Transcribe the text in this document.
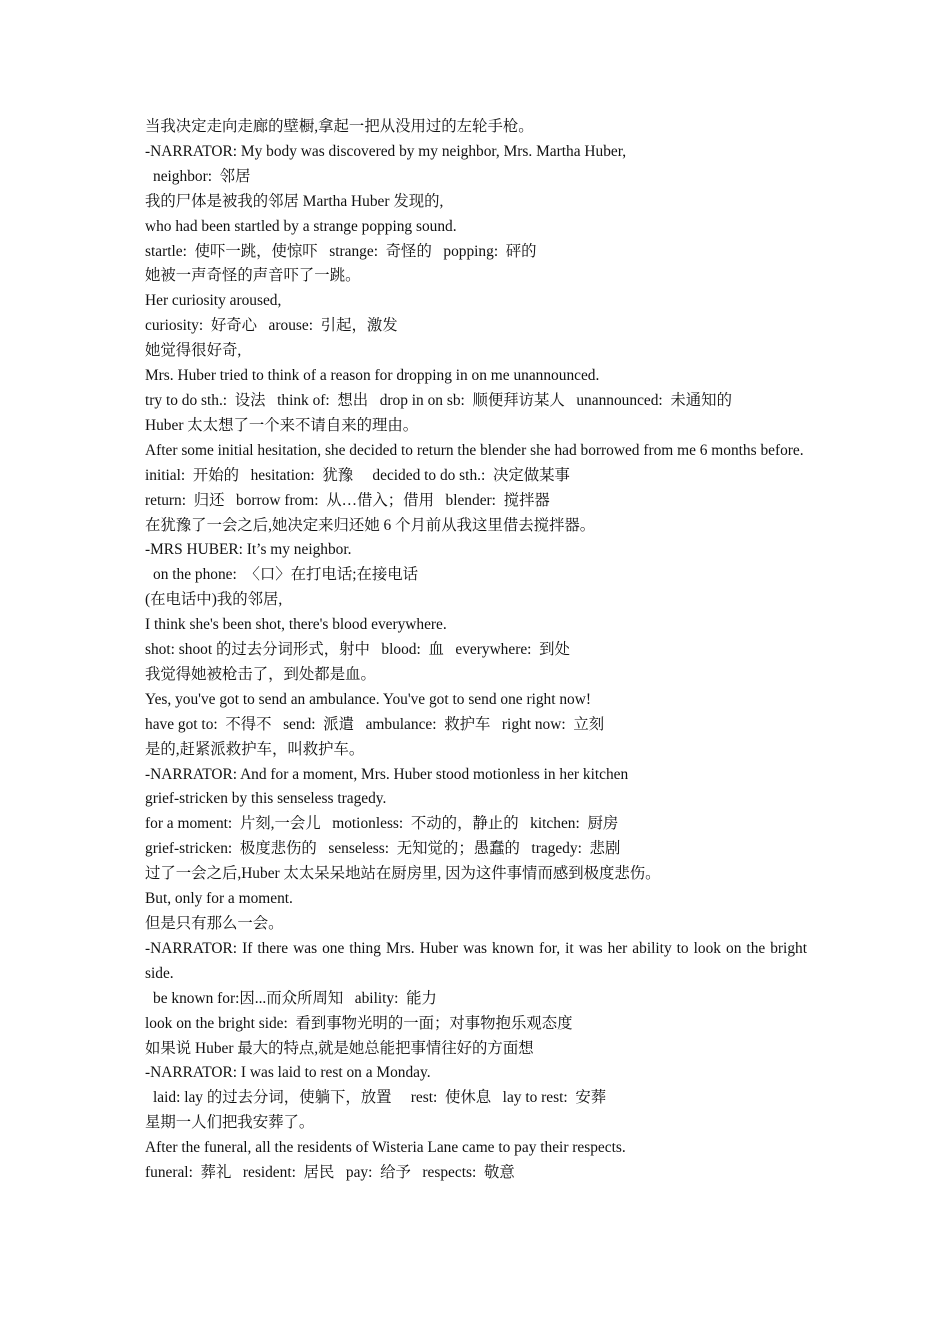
当我决定走向走廊的壁橱,拿起一把从没用过的左轮手枪。

-NARRATOR: My body was discovered by my neighbor, Mrs. Martha Huber,

neighbor:  邻居

我的尸体是被我的邻居 Martha Huber 发现的,

who had been startled by a strange popping sound.

startle:  使吓一跳，使惊吓   strange:  奇怪的   popping:  砰的

她被一声奇怪的声音吓了一跳。

Her curiosity aroused,

curiosity:  好奇心   arouse:  引起，激发

她觉得很好奇,

Mrs. Huber tried to think of a reason for dropping in on me unannounced.

try to do sth.:  设法   think of:  想出   drop in on sb:  顺便拜访某人   unannounced:  未通知的

Huber 太太想了一个来不请自来的理由。

After some initial hesitation, she decided to return the blender she had borrowed from me 6 months before.

initial:  开始的   hesitation:  犹豫     decided to do sth.:  决定做某事

return:  归还   borrow from:  从…借入；借用   blender:  搅拌器

在犹豫了一会之后,她决定来归还她 6 个月前从我这里借去搅拌器。

-MRS HUBER: It’s my neighbor.

on the phone:  〈口〉在打电话;在接电话

(在电话中)我的邻居,

I think she's been shot, there's blood everywhere.

shot: shoot 的过去分词形式，射中   blood:  血   everywhere:  到处

我觉得她被枪击了，到处都是血。

Yes, you've got to send an ambulance. You've got to send one right now!

have got to:  不得不   send:  派遣   ambulance:  救护车   right now:  立刻

是的,赶紧派救护车，叫救护车。

-NARRATOR: And for a moment, Mrs. Huber stood motionless in her kitchen

grief-stricken by this senseless tragedy.

for a moment:  片刻,一会儿   motionless:  不动的，静止的   kitchen:  厨房

grief-stricken:  极度悲伤的   senseless:  无知觉的；愚蠢的   tragedy:  悲剧

过了一会之后,Huber 太太呆呆地站在厨房里, 因为这件事情而感到极度悲伤。

But, only for a moment.

但是只有那么一会。

-NARRATOR: If there was one thing Mrs. Huber was known for, it was her ability to look on the bright side.

be known for:因...而众所周知   ability:  能力

look on the bright side:  看到事物光明的一面；对事物抱乐观态度

如果说 Huber 最大的特点,就是她总能把事情往好的方面想

-NARRATOR: I was laid to rest on a Monday.

laid: lay 的过去分词，使躺下，放置     rest:  使休息   lay to rest:  安葬

星期一人们把我安葬了。

After the funeral, all the residents of Wisteria Lane came to pay their respects.

funeral:  葬礼   resident:  居民   pay:  给予   respects:  敬意
